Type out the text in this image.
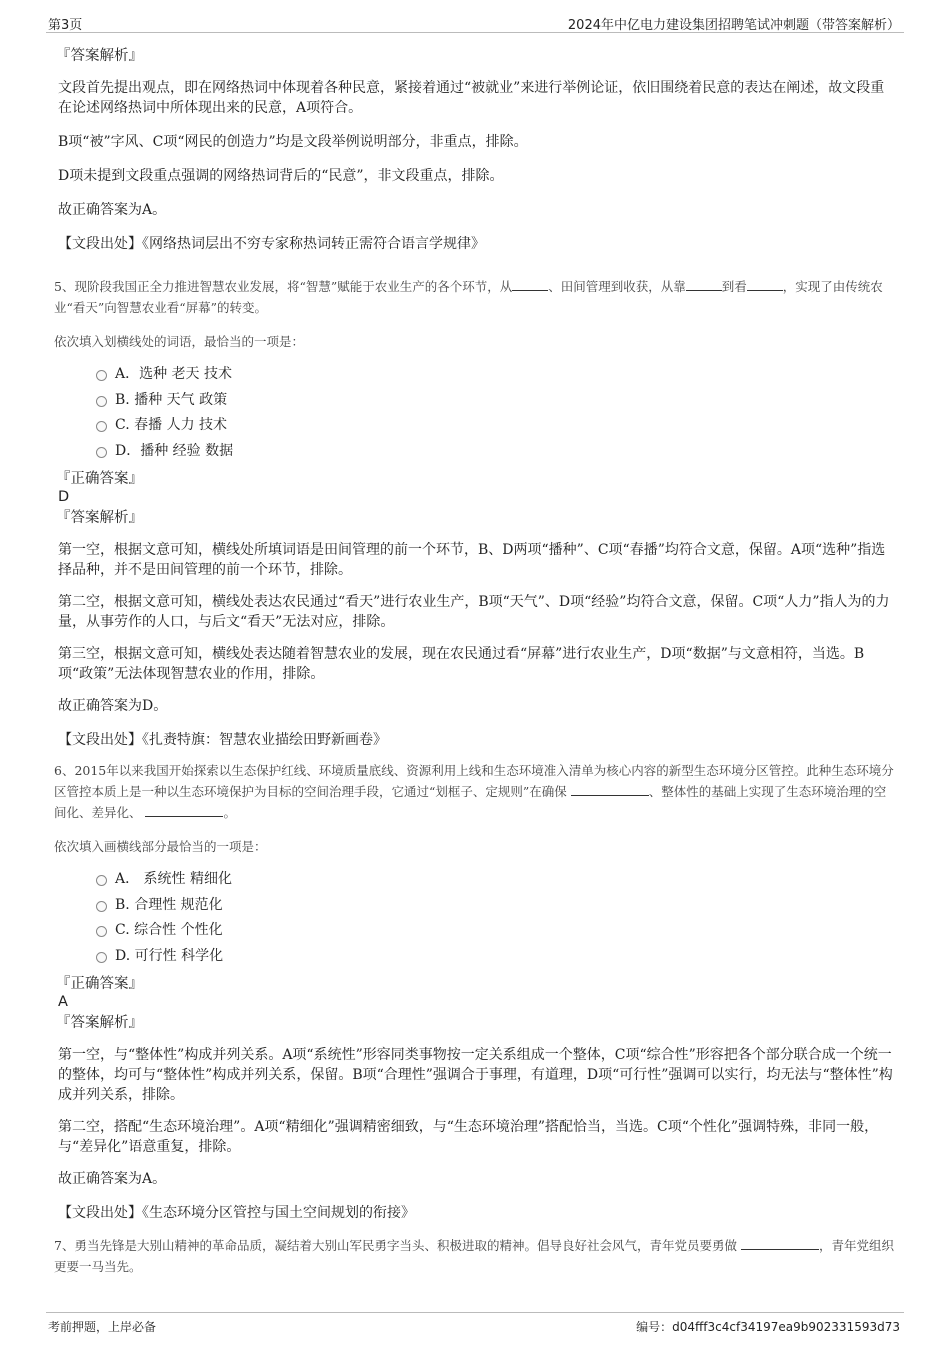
第3页	2024年中亿电力建设集团招聘笔试冲刺题（带答案解析）
『答案解析』
文段首先提出观点，即在网络热词中体现着各种民意，紧接着通过“被就业”来进行举例论证，依旧围绕着民意的表达在阐述，故文段重在论述网络热词中所体现出来的民意，A项符合。
B项“被”字风、C项“网民的创造力”均是文段举例说明部分，非重点，排除。
D项未提到文段重点强调的网络热词背后的“民意”，非文段重点，排除。
故正确答案为A。
【文段出处】《网络热词层出不穷专家称热词转正需符合语言学规律》
5、现阶段我国正全力推进智慧农业发展，将“智慧”赋能于农业生产的各个环节，从	、田间管理到收获，从靠	到看	，实现了由传统农业“看天”向智慧农业看“屏幕”的转变。
依次填入划横线处的词语，最恰当的一项是：
A．选种 老天 技术
B. 播种 天气 政策
C. 春播 人力 技术
D．播种 经验 数据
『正确答案』
D
『答案解析』
第一空，根据文意可知，横线处所填词语是田间管理的前一个环节，B、D两项“播种”、C项“春播”均符合文意，保留。A项“选种”指选择品种，并不是田间管理的前一个环节，排除。
第二空，根据文意可知，横线处表达农民通过“看天”进行农业生产，B项“天气”、D项“经验”均符合文意，保留。C项“人力”指人为的力量，从事劳作的人口，与后文“看天”无法对应，排除。
第三空，根据文意可知，横线处表达随着智慧农业的发展，现在农民通过看“屏幕”进行农业生产，D项“数据”与文意相符，当选。B项“政策”无法体现智慧农业的作用，排除。
故正确答案为D。
【文段出处】《扎赉特旗：智慧农业描绘田野新画卷》
6、2015年以来我国开始探索以生态保护红线、环境质量底线、资源利用上线和生态环境准入清单为核心内容的新型生态环境分区管控。此种生态环境分区管控本质上是一种以生态环境保护为目标的空间治理手段，它通过“划框子、定规则”在确保	、整体性的基础上实现了生态环境治理的空间化、差异化、	。
依次填入画横线部分最恰当的一项是：
A． 系统性 精细化
B. 合理性 规范化
C. 综合性 个性化
D. 可行性 科学化
『正确答案』
A
『答案解析』
第一空，与“整体性”构成并列关系。A项“系统性”形容同类事物按一定关系组成一个整体，C项“综合性”形容把各个部分联合成一个统一的整体，均可与“整体性”构成并列关系，保留。B项“合理性”强调合于事理，有道理，D项“可行性”强调可以实行，均无法与“整体性”构成并列关系，排除。
第二空，搭配“生态环境治理”。A项“精细化”强调精密细致，与“生态环境治理”搭配恰当，当选。C项“个性化”强调特殊，非同一般，与“差异化”语意重复，排除。
故正确答案为A。
【文段出处】《生态环境分区管控与国土空间规划的衔接》
7、勇当先锋是大别山精神的革命品质，凝结着大别山军民勇字当头、积极进取的精神。倡导良好社会风气，青年党员要勇做	，青年党组织更要一马当先。
考前押题，上岸必备	编号：d04fff3c4cf34197ea9b902331593d73
